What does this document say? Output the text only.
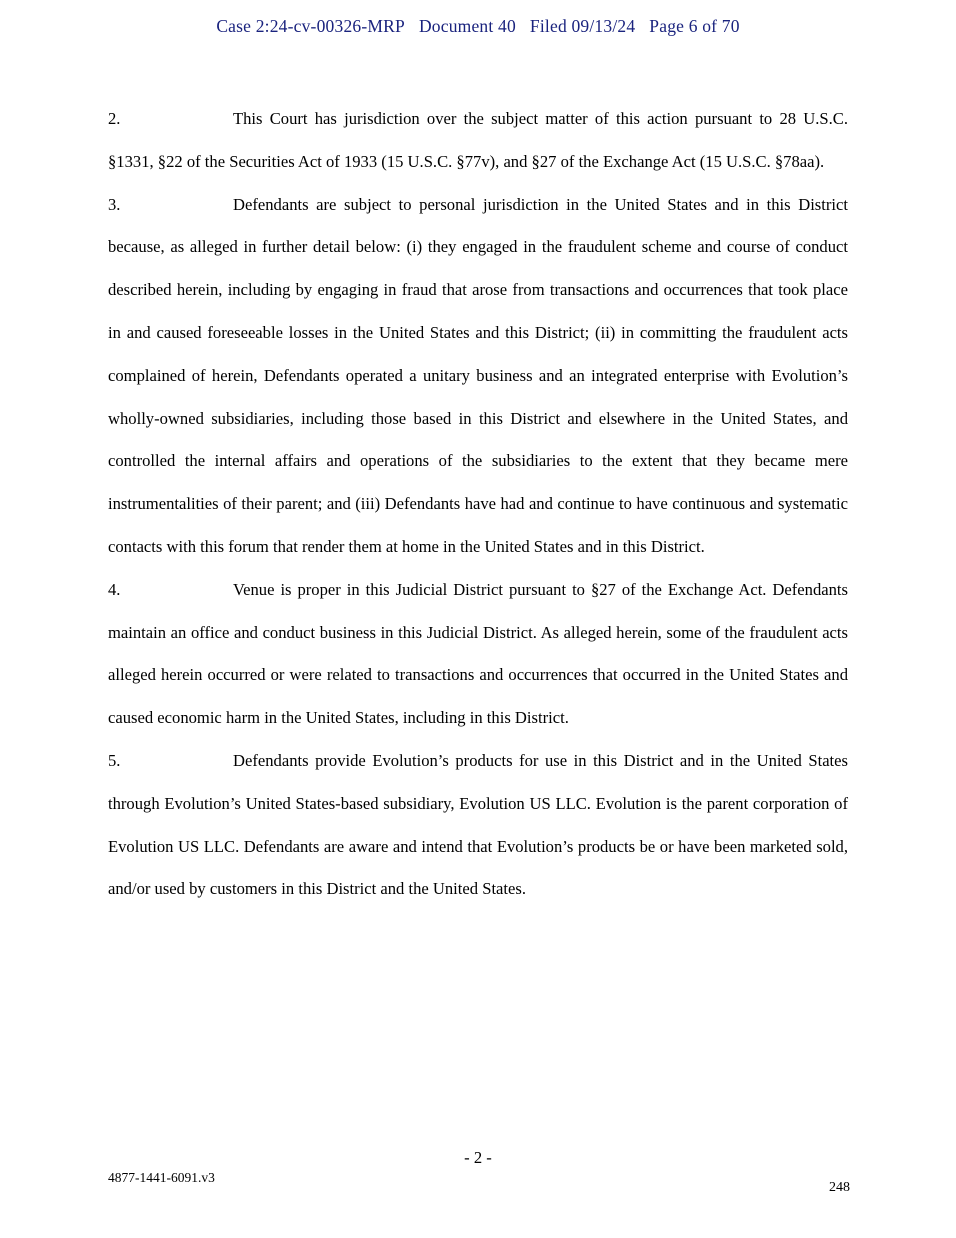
Case 2:24-cv-00326-MRP Document 40 Filed 09/13/24 Page 6 of 70

2.	This Court has jurisdiction over the subject matter of this action pursuant to 28 U.S.C. §1331, §22 of the Securities Act of 1933 (15 U.S.C. §77v), and §27 of the Exchange Act (15 U.S.C. §78aa).

3.	Defendants are subject to personal jurisdiction in the United States and in this District because, as alleged in further detail below: (i) they engaged in the fraudulent scheme and course of conduct described herein, including by engaging in fraud that arose from transactions and occurrences that took place in and caused foreseeable losses in the United States and this District; (ii) in committing the fraudulent acts complained of herein, Defendants operated a unitary business and an integrated enterprise with Evolution’s wholly-owned subsidiaries, including those based in this District and elsewhere in the United States, and controlled the internal affairs and operations of the subsidiaries to the extent that they became mere instrumentalities of their parent; and (iii) Defendants have had and continue to have continuous and systematic contacts with this forum that render them at home in the United States and in this District.

4.	Venue is proper in this Judicial District pursuant to §27 of the Exchange Act. Defendants maintain an office and conduct business in this Judicial District. As alleged herein, some of the fraudulent acts alleged herein occurred or were related to transactions and occurrences that occurred in the United States and caused economic harm in the United States, including in this District.

5.	Defendants provide Evolution’s products for use in this District and in the United States through Evolution’s United States-based subsidiary, Evolution US LLC. Evolution is the parent corporation of Evolution US LLC. Defendants are aware and intend that Evolution’s products be or have been marketed sold, and/or used by customers in this District and the United States.

- 2 -
4877-1441-6091.v3
248
